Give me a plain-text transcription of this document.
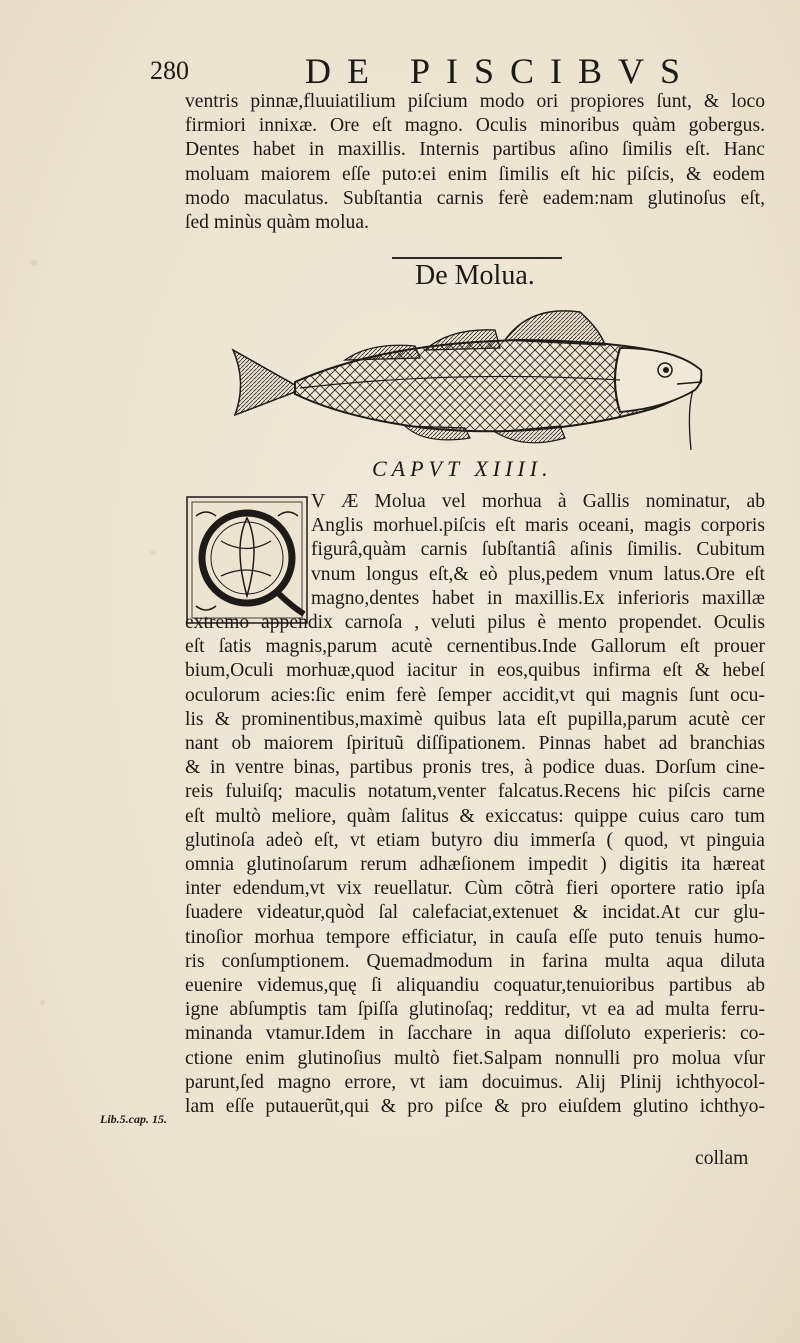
280	DE PISCIBVS
ventris pinnæ,fluuiatilium piſcium modo ori propiores ſunt, & loco
firmiori innixæ. Ore eſt magno. Oculis minoribus quàm gobergus.
Dentes habet in maxillis. Internis partibus aſino ſimilis eſt. Hanc
moluam maiorem eſſe puto:ei enim ſimilis eſt hic piſcis, & eodem
modo maculatus. Subſtantia carnis ferè eadem:nam glutinoſus eſt,
ſed minùs quàm molua.
De Molua.
CAPVT XIIII.
V Æ Molua vel morhua à Gallis nominatur, ab
Anglis morhuel.piſcis eſt maris oceani, magis corporis
figurâ,quàm carnis ſubſtantiâ aſinis ſimilis. Cubitum
vnum longus eſt,& eò plus,pedem vnum latus.Ore eſt
magno,dentes habet in maxillis.Ex inferioris maxillæ
extremo appendix carnoſa , veluti pilus è mento propendet. Oculis
eſt ſatis magnis,parum acutè cernentibus.Inde Gallorum eſt prouer
bium,Oculi morhuæ,quod iacitur in eos,quibus infirma eſt & hebeſ
oculorum acies:ſic enim ferè ſemper accidit,vt qui magnis ſunt ocu-
lis & prominentibus,maximè quibus lata eſt pupilla,parum acutè cer
nant ob maiorem ſpirituũ diſſipationem. Pinnas habet ad branchias
& in ventre binas, partibus pronis tres, à podice duas. Dorſum cine-
reis fuluiſq; maculis notatum,venter falcatus.Recens hic piſcis carne
eſt multò meliore, quàm ſalitus & exiccatus: quippe cuius caro tum
glutinoſa adeò eſt, vt etiam butyro diu immerſa ( quod, vt pinguia
omnia glutinoſarum rerum adhæſionem impedit ) digitis ita hæreat
inter edendum,vt vix reuellatur. Cùm cõtrà fieri oportere ratio ipſa
ſuadere videatur,quòd ſal calefaciat,extenuet & incidat.At cur glu-
tinoſior morhua tempore efficiatur, in cauſa eſſe puto tenuis humo-
ris conſumptionem. Quemadmodum in farina multa aqua diluta
euenire videmus,quę ſi aliquandiu coquatur,tenuioribus partibus ab
igne abſumptis tam ſpiſſa glutinoſaq; redditur, vt ea ad multa ferru-
minanda vtamur.Idem in ſacchare in aqua diſſoluto experieris: co-
ctione enim glutinoſius multò fiet.Salpam nonnulli pro molua vſur
parunt,ſed magno errore, vt iam docuimus. Alij Plinij ichthyocol-
lam eſſe putauerũt,qui & pro piſce & pro eiuſdem glutino ichthyo-
Lib.5.cap. 15.
collam
